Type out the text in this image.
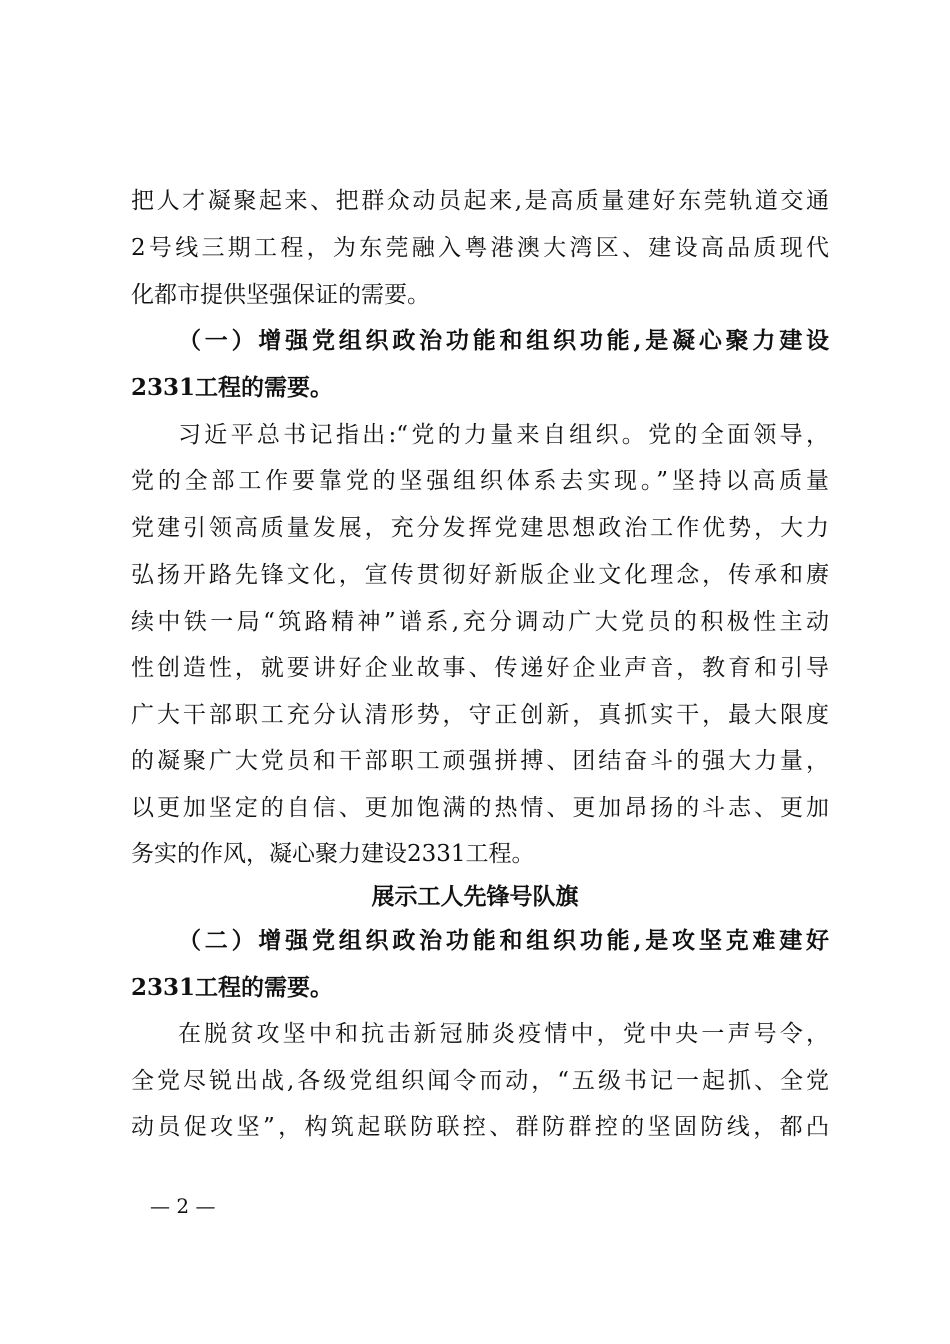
把人才凝聚起来、把群众动员起来,是高质量建好东莞轨道交通
2号线三期工程，为东莞融入粤港澳大湾区、建设高品质现代
化都市提供坚强保证的需要。
（一）增强党组织政治功能和组织功能,是凝心聚力建设
2331工程的需要。
习近平总书记指出:“党的力量来自组织。党的全面领导，
党的全部工作要靠党的坚强组织体系去实现。”坚持以高质量
党建引领高质量发展，充分发挥党建思想政治工作优势，大力
弘扬开路先锋文化，宣传贯彻好新版企业文化理念，传承和赓
续中铁一局“筑路精神”谱系,充分调动广大党员的积极性主动
性创造性，就要讲好企业故事、传递好企业声音，教育和引导
广大干部职工充分认清形势，守正创新，真抓实干，最大限度
的凝聚广大党员和干部职工顽强拼搏、团结奋斗的强大力量，
以更加坚定的自信、更加饱满的热情、更加昂扬的斗志、更加
务实的作风，凝心聚力建设2331工程。
展示工人先锋号队旗
（二）增强党组织政治功能和组织功能,是攻坚克难建好
2331工程的需要。
在脱贫攻坚中和抗击新冠肺炎疫情中，党中央一声号令，
全党尽锐出战,各级党组织闻令而动，“五级书记一起抓、全党
动员促攻坚”，构筑起联防联控、群防群控的坚固防线，都凸
— 2 —
